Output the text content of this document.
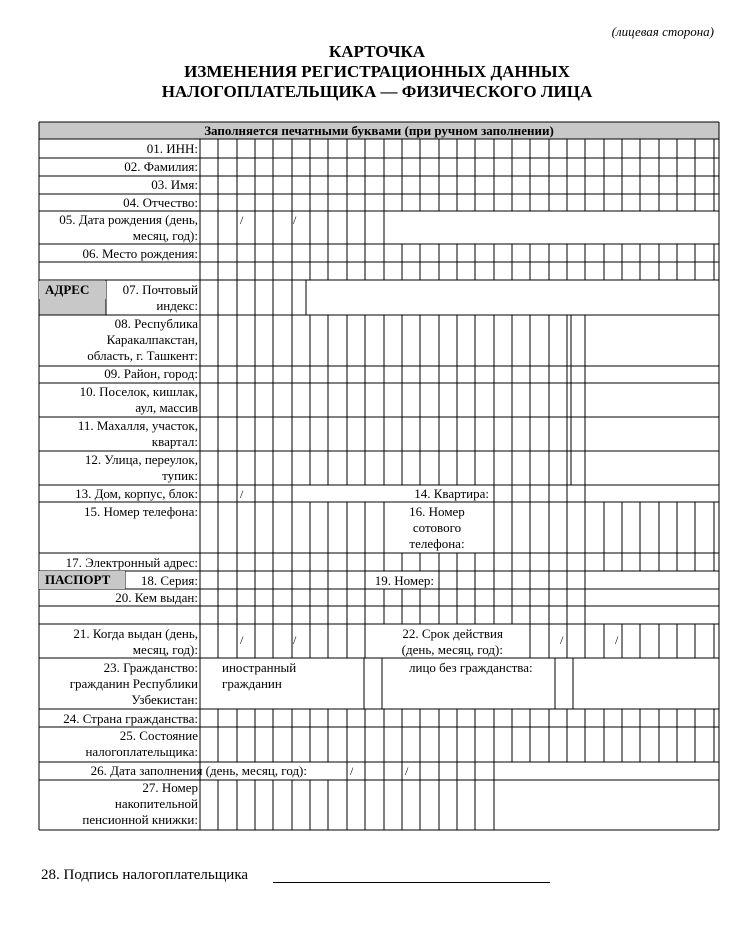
(лицевая сторона)
КАРТОЧКА
ИЗМЕНЕНИЯ РЕГИСТРАЦИОННЫХ ДАННЫХ
НАЛОГОПЛАТЕЛЬЩИКА — ФИЗИЧЕСКОГО ЛИЦА
Заполняется печатными буквами (при ручном заполнении)
АДРЕС
ПАСПОРТ
01. ИНН:
02. Фамилия:
03. Имя:
04. Отчество:
05. Дата рождения (день,
месяц, год):
06. Место рождения:
07. Почтовый
индекс:
08. Республика
Каракалпакстан,
область, г. Ташкент:
09. Район, город:
10. Поселок, кишлак,
аул, массив
11. Махалля, участок,
квартал:
12. Улица, переулок,
тупик:
13. Дом, корпус, блок:	14. Квартира:
15. Номер телефона:	16. Номер
сотового
телефона:
17. Электронный адрес:
18. Серия:	19. Номер:
20. Кем выдан:
21. Когда выдан (день,
месяц, год):
22. Срок действия
(день, месяц, год):
23. Гражданство:
гражданин Республики
Узбекистан:
иностранный
гражданин
лицо без гражданства:
24. Страна гражданства:
25. Состояние
налогоплательщика:
26. Дата заполнения (день, месяц, год):
27. Номер
накопительной
пенсионной книжки:
/	/
/
/	/	/	/
/	/
28. Подпись налогоплательщика
